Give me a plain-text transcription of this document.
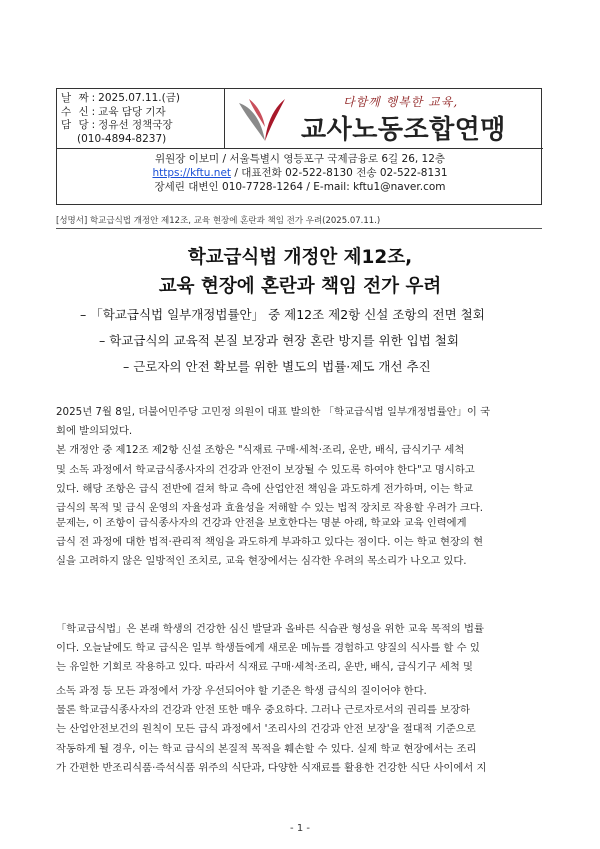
날 짜: 2025.07.11.(금)
수 신: 교육 담당 기자
담 당: 정유선 정책국장
(010-4894-8237)
다함께 행복한 교육,
교사노동조합연맹
위원장 이보미 / 서울특별시 영등포구 국제금융로 6길 26, 12층
https://kftu.net / 대표전화 02-522-8130 전송 02-522-8131
장세린 대변인 010-7728-1264 / E-mail: kftu1@naver.com
[성명서] 학교급식법 개정안 제12조, 교육 현장에 혼란과 책임 전가 우려(2025.07.11.)
학교급식법 개정안 제12조,
교육 현장에 혼란과 책임 전가 우려
– 「학교급식법 일부개정법률안」 중 제12조 제2항 신설 조항의 전면 철회
– 학교급식의 교육적 본질 보장과 현장 혼란 방지를 위한 입법 철회
– 근로자의 안전 확보를 위한 별도의 법률·제도 개선 추진
2025년 7월 8일, 더불어민주당 고민정 의원이 대표 발의한 「학교급식법 일부개정법률안」이 국
회에 발의되었다.
본 개정안 중 제12조 제2항 신설 조항은 "식재료 구매·세척·조리, 운반, 배식, 급식기구 세척
및 소독 과정에서 학교급식종사자의 건강과 안전이 보장될 수 있도록 하여야 한다"고 명시하고
있다. 해당 조항은 급식 전반에 걸쳐 학교 측에 산업안전 책임을 과도하게 전가하며, 이는 학교
급식의 목적 및 급식 운영의 자율성과 효율성을 저해할 수 있는 법적 장치로 작용할 우려가 크다.
문제는, 이 조항이 급식종사자의 건강과 안전을 보호한다는 명분 아래, 학교와 교육 인력에게
급식 전 과정에 대한 법적·관리적 책임을 과도하게 부과하고 있다는 점이다. 이는 학교 현장의 현
실을 고려하지 않은 일방적인 조치로, 교육 현장에서는 심각한 우려의 목소리가 나오고 있다.
「학교급식법」은 본래 학생의 건강한 심신 발달과 올바른 식습관 형성을 위한 교육 목적의 법률
이다. 오늘날에도 학교 급식은 일부 학생들에게 새로운 메뉴를 경험하고 양질의 식사를 할 수 있
는 유일한 기회로 작용하고 있다. 따라서 식재료 구매·세척·조리, 운반, 배식, 급식기구 세척 및
소독 과정 등 모든 과정에서 가장 우선되어야 할 기준은 학생 급식의 질이어야 한다.
물론 학교급식종사자의 건강과 안전 또한 매우 중요하다. 그러나 근로자로서의 권리를 보장하
는 산업안전보건의 원칙이 모든 급식 과정에서 '조리사의 건강과 안전 보장'을 절대적 기준으로
작동하게 될 경우, 이는 학교 급식의 본질적 목적을 훼손할 수 있다. 실제 학교 현장에서는 조리
가 간편한 반조리식품·즉석식품 위주의 식단과, 다양한 식재료를 활용한 건강한 식단 사이에서 지
- 1 -
